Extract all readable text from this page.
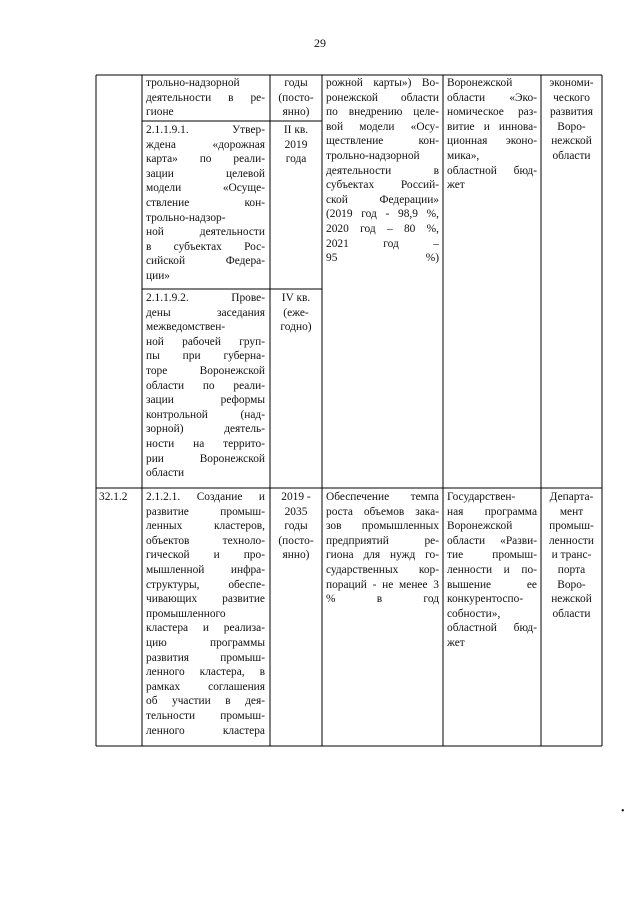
29

трольно-надзорной
деятельности в ре-
гионе

годы
(посто-
янно)

рожной карты») Во-
ронежской области
по внедрению целе-
вой модели «Осу-
ществление кон-
трольно-надзорной
деятельности в
субъектах Россий-
ской Федерации»
(2019 год - 98,9 %,
2020 год – 80 %,
2021 год –
95 %)

Воронежской
области «Эко-
номическое раз-
витие и иннова-
ционная эконо-
мика»,
областной бюд-
жет

экономи-
ческого
развития
Воро-
нежской
области

2.1.1.9.1. Утвер-
ждена «дорожная
карта» по реали-
зации целевой
модели «Осуще-
ствление кон-
трольно-надзор-
ной деятельности
в субъектах Рос-
сийской Федера-
ции»

II кв.
2019
года

2.1.1.9.2. Прове-
дены заседания
межведомствен-
ной рабочей груп-
пы при губерна-
торе Воронежской
области по реали-
зации реформы
контрольной (над-
зорной) деятель-
ности на террито-
рии Воронежской
области

IV кв.
(еже-
годно)

32.1.2	2.1.2.1. Создание и
развитие промыш-
ленных кластеров,
объектов техноло-
гической и про-
мышленной инфра-
структуры, обеспе-
чивающих развитие
промышленного
кластера и реализа-
цию программы
развития промыш-
ленного кластера, в
рамках соглашения
об участии в дея-
тельности промыш-
ленного кластера

2019 -
2035
годы
(посто-
янно)

Обеспечение темпа
роста объемов зака-
зов промышленных
предприятий ре-
гиона для нужд го-
сударственных кор-
пораций - не менее 3
% в год

Государствен-
ная программа
Воронежской
области «Разви-
тие промыш-
ленности и по-
вышение ее
конкурентоспо-
собности»,
областной бюд-
жет

Департа-
мент
промыш-
ленности
и транс-
порта
Воро-
нежской
области

•
